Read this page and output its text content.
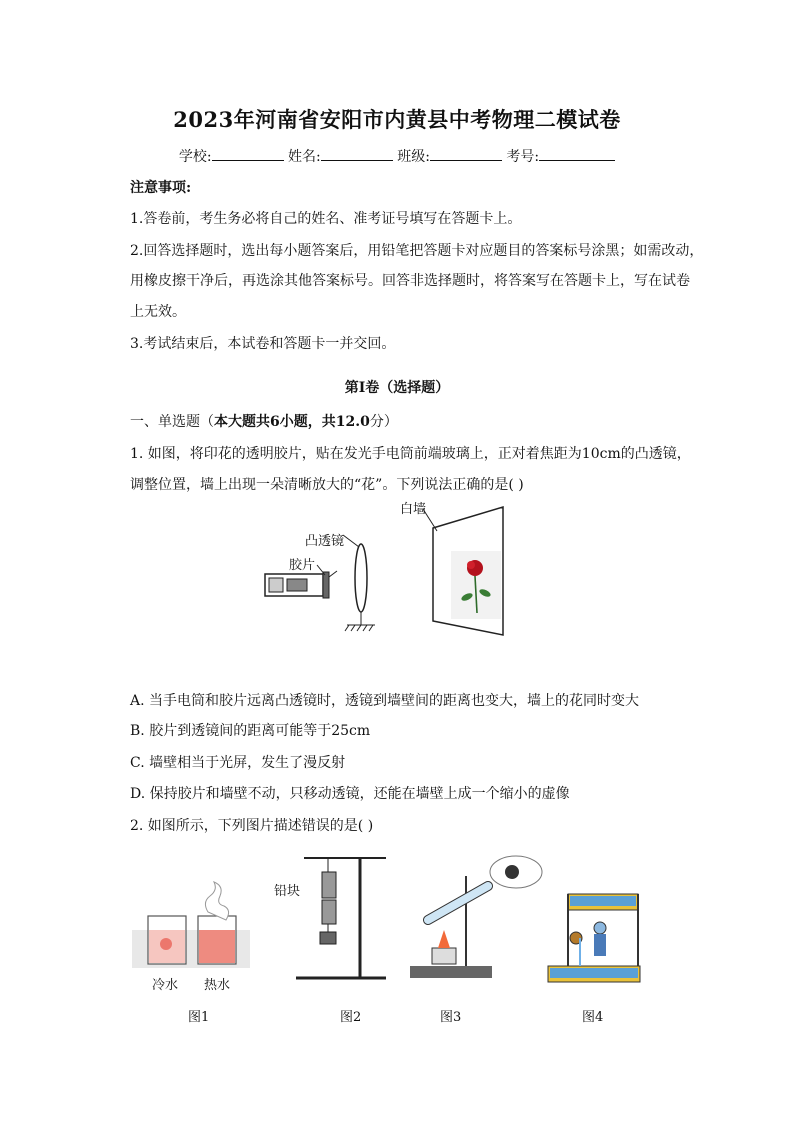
2023年河南省安阳市内黄县中考物理二模试卷
学校:	姓名:	班级:	考号:
注意事项:
1.答卷前，考生务必将自己的姓名、准考证号填写在答题卡上。
2.回答选择题时，选出每小题答案后，用铅笔把答题卡对应题目的答案标号涂黑；如需改动，
用橡皮擦干净后，再选涂其他答案标号。回答非选择题时，将答案写在答题卡上，写在试卷
上无效。
3.考试结束后，本试卷和答题卡一并交回。
第Ⅰ卷（选择题）
一、单选题（本大题共6小题，共12.0分）
1. 如图，将印花的透明胶片，贴在发光手电筒前端玻璃上，正对着焦距为10cm的凸透镜，
调整位置，墙上出现一朵清晰放大的“花”。下列说法正确的是( )
白墙
凸透镜
胶片
A. 当手电筒和胶片远离凸透镜时，透镜到墙壁间的距离也变大，墙上的花同时变大
B. 胶片到透镜间的距离可能等于25cm
C. 墙壁相当于光屏，发生了漫反射
D. 保持胶片和墙壁不动，只移动透镜，还能在墙壁上成一个缩小的虚像
2. 如图所示，下列图片描述错误的是( )
冷水 热水
铅块
图1	图2	图3	图4
